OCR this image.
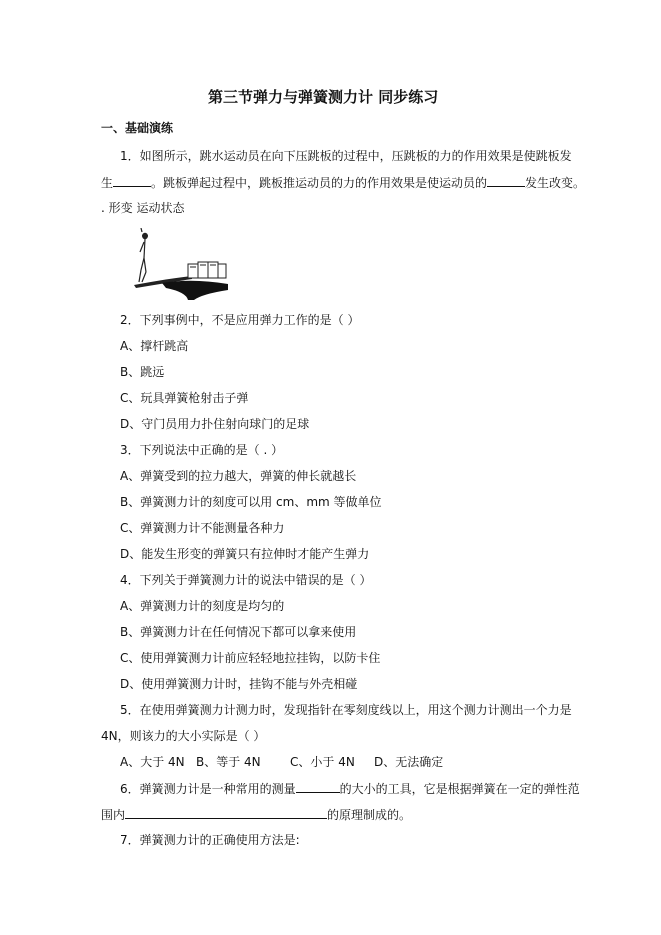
第三节弹力与弹簧测力计 同步练习
一、基础演练
1．如图所示，跳水运动员在向下压跳板的过程中，压跳板的力的作用效果是使跳板发
生	。跳板弹起过程中，跳板推运动员的力的作用效果是使运动员的	发生改变。
. 形变 运动状态
2．下列事例中，不是应用弹力工作的是（ ）
A、撑杆跳高
B、跳远
C、玩具弹簧枪射击子弹
D、守门员用力扑住射向球门的足球
3．下列说法中正确的是（ . ）
A、弹簧受到的拉力越大，弹簧的伸长就越长
B、弹簧测力计的刻度可以用 cm、mm 等做单位
C、弹簧测力计不能测量各种力
D、能发生形变的弹簧只有拉伸时才能产生弹力
4．下列关于弹簧测力计的说法中错误的是（ ）
A、弹簧测力计的刻度是均匀的
B、弹簧测力计在任何情况下都可以拿来使用
C、使用弹簧测力计前应轻轻地拉挂钩，以防卡住
D、使用弹簧测力计时，挂钩不能与外壳相碰
5．在使用弹簧测力计测力时，发现指针在零刻度线以上，用这个测力计测出一个力是
4N，则该力的大小实际是（ ）
A、大于 4N B、等于 4N C、小于 4N D、无法确定
6．弹簧测力计是一种常用的测量	的大小的工具，它是根据弹簧在一定的弹性范
围内	的原理制成的。
7．弹簧测力计的正确使用方法是:
